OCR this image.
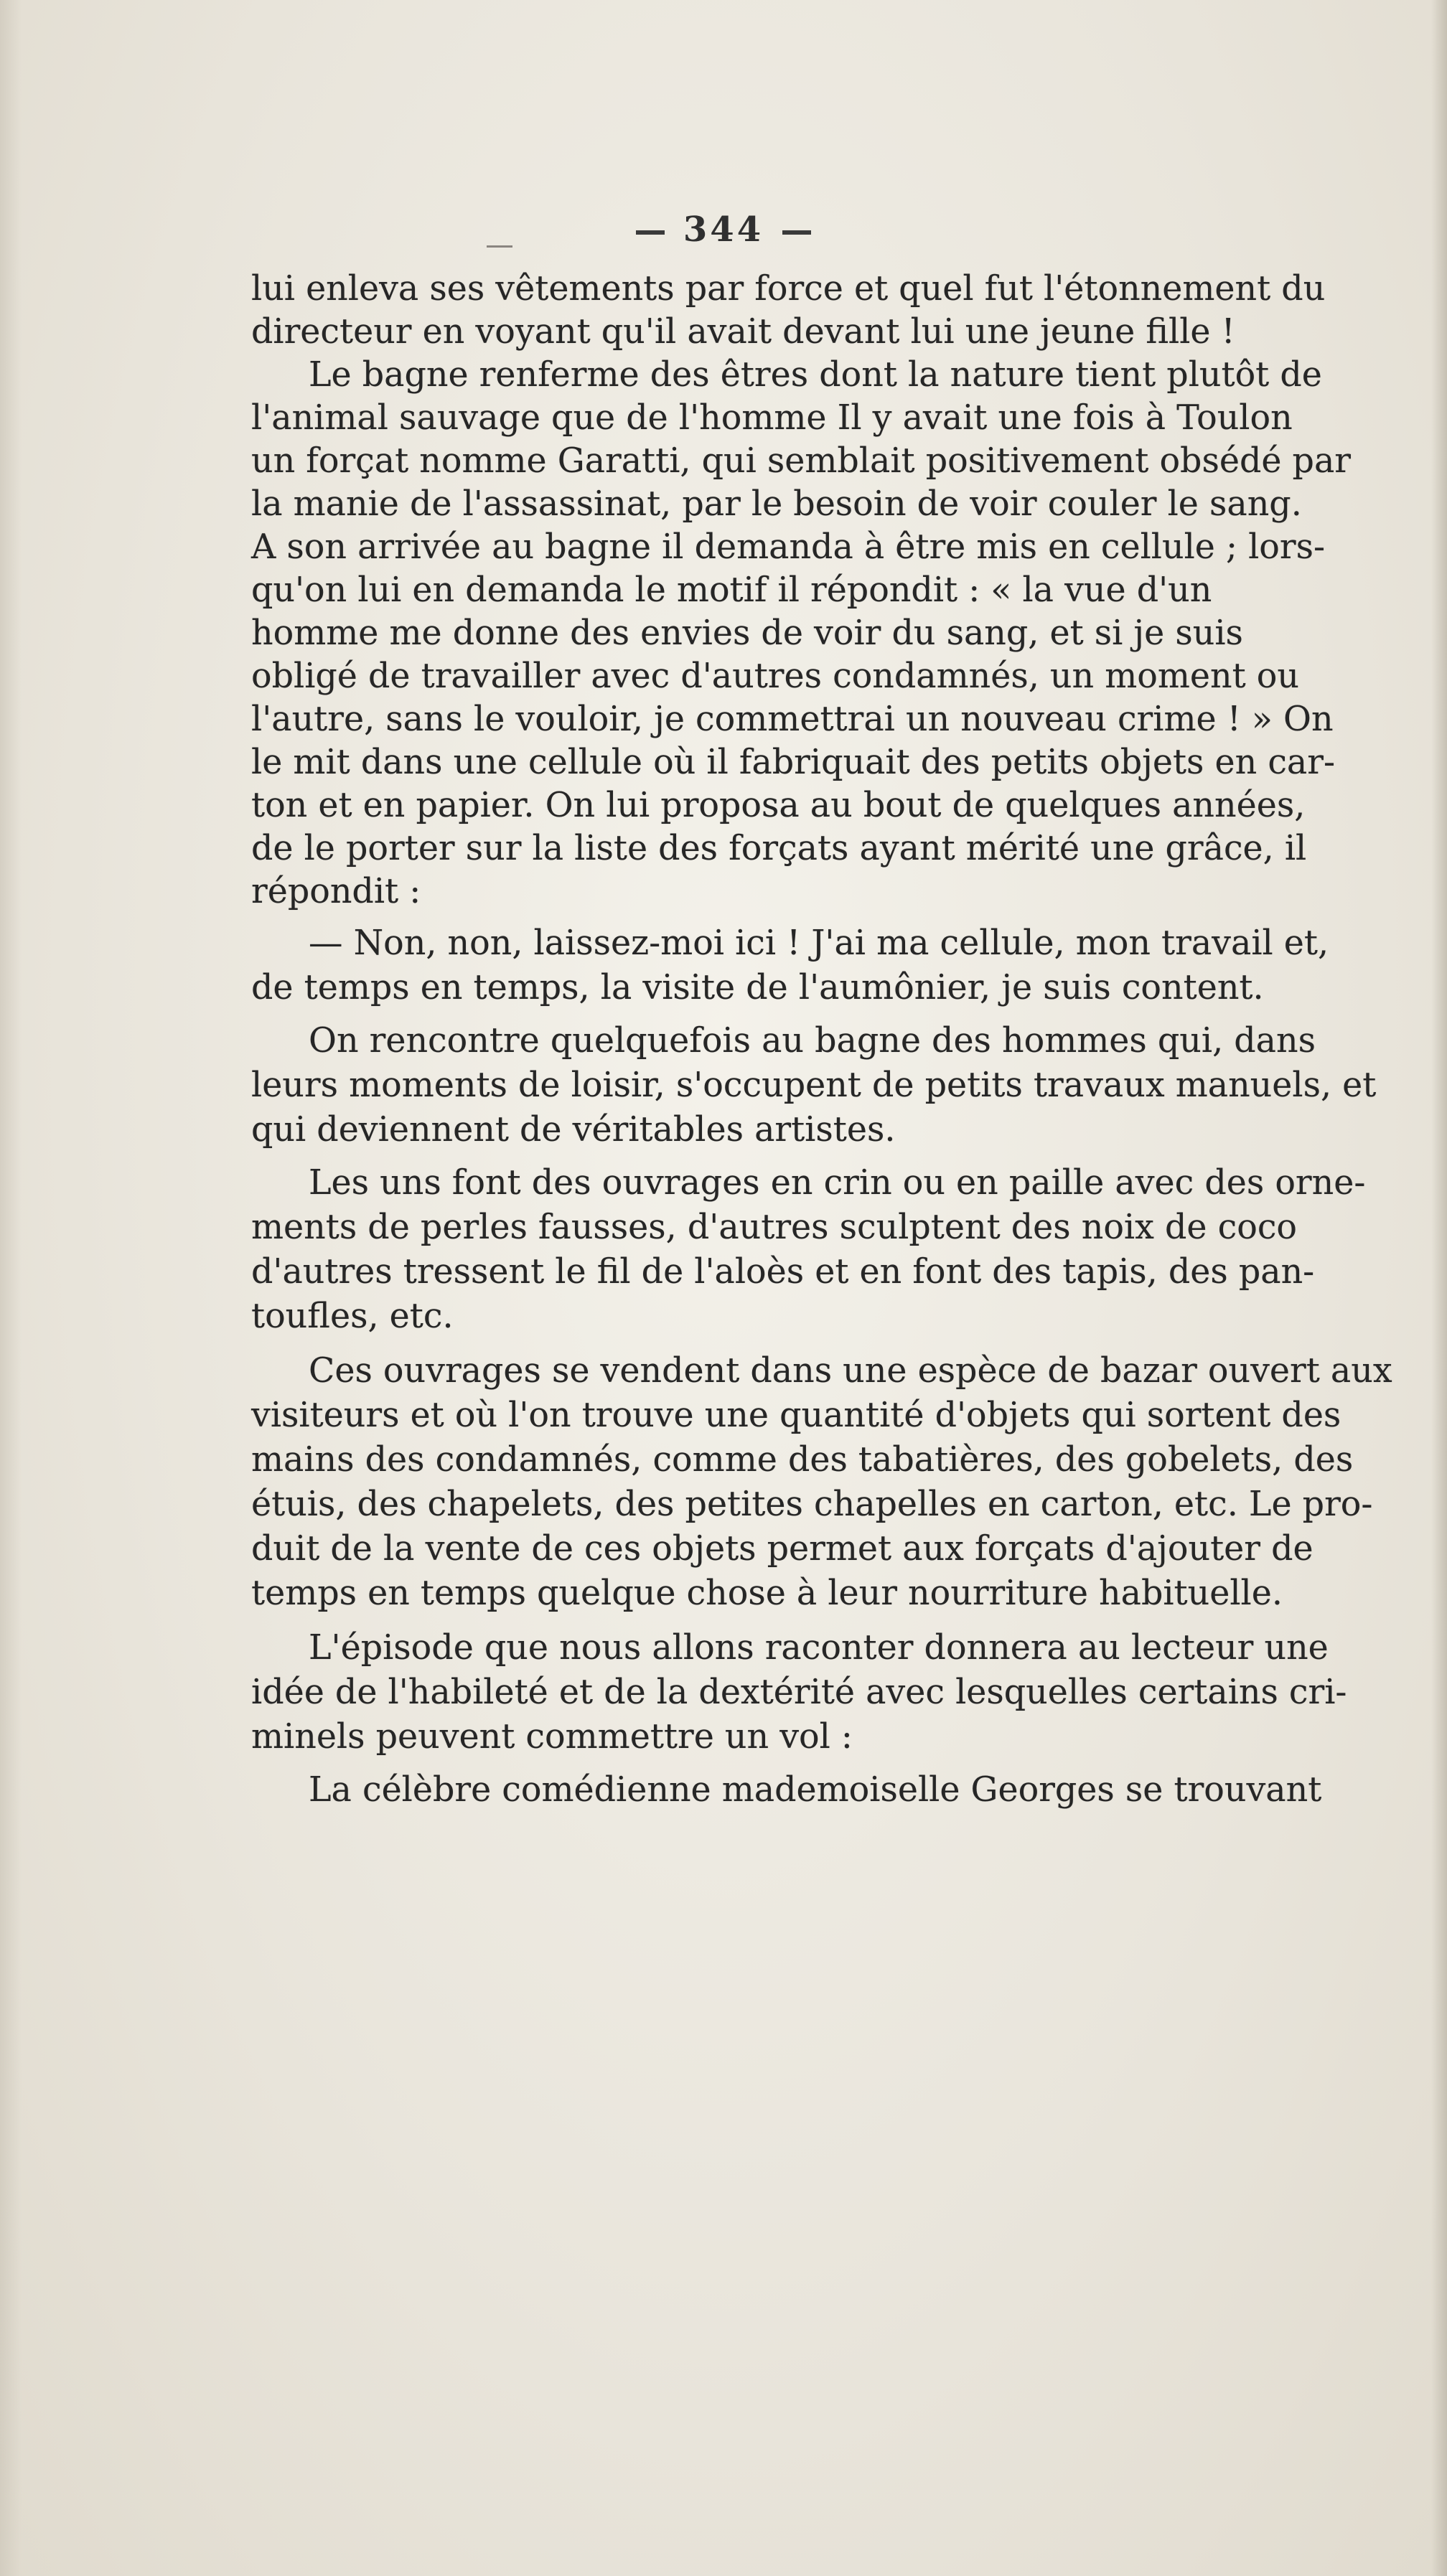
344
lui enleva ses vêtements par force et quel fut l'étonnement du
directeur en voyant qu'il avait devant lui une jeune fille !
Le bagne renferme des êtres dont la nature tient plutôt de
l'animal sauvage que de l'homme Il y avait une fois à Toulon
un forçat nomme Garatti, qui semblait positivement obsédé par
la manie de l'assassinat, par le besoin de voir couler le sang.
A son arrivée au bagne il demanda à être mis en cellule ; lors-
qu'on lui en demanda le motif il répondit : « la vue d'un
homme me donne des envies de voir du sang, et si je suis
obligé de travailler avec d'autres condamnés, un moment ou
l'autre, sans le vouloir, je commettrai un nouveau crime ! » On
le mit dans une cellule où il fabriquait des petits objets en car-
ton et en papier. On lui proposa au bout de quelques années,
de le porter sur la liste des forçats ayant mérité une grâce, il
répondit :
— Non, non, laissez-moi ici ! J'ai ma cellule, mon travail et,
de temps en temps, la visite de l'aumônier, je suis content.
On rencontre quelquefois au bagne des hommes qui, dans
leurs moments de loisir, s'occupent de petits travaux manuels, et
qui deviennent de véritables artistes.
Les uns font des ouvrages en crin ou en paille avec des orne-
ments de perles fausses, d'autres sculptent des noix de coco
d'autres tressent le fil de l'aloès et en font des tapis, des pan-
toufles, etc.
Ces ouvrages se vendent dans une espèce de bazar ouvert aux
visiteurs et où l'on trouve une quantité d'objets qui sortent des
mains des condamnés, comme des tabatières, des gobelets, des
étuis, des chapelets, des petites chapelles en carton, etc. Le pro-
duit de la vente de ces objets permet aux forçats d'ajouter de
temps en temps quelque chose à leur nourriture habituelle.
L'épisode que nous allons raconter donnera au lecteur une
idée de l'habileté et de la dextérité avec lesquelles certains cri-
minels peuvent commettre un vol :
La célèbre comédienne mademoiselle Georges se trouvant
